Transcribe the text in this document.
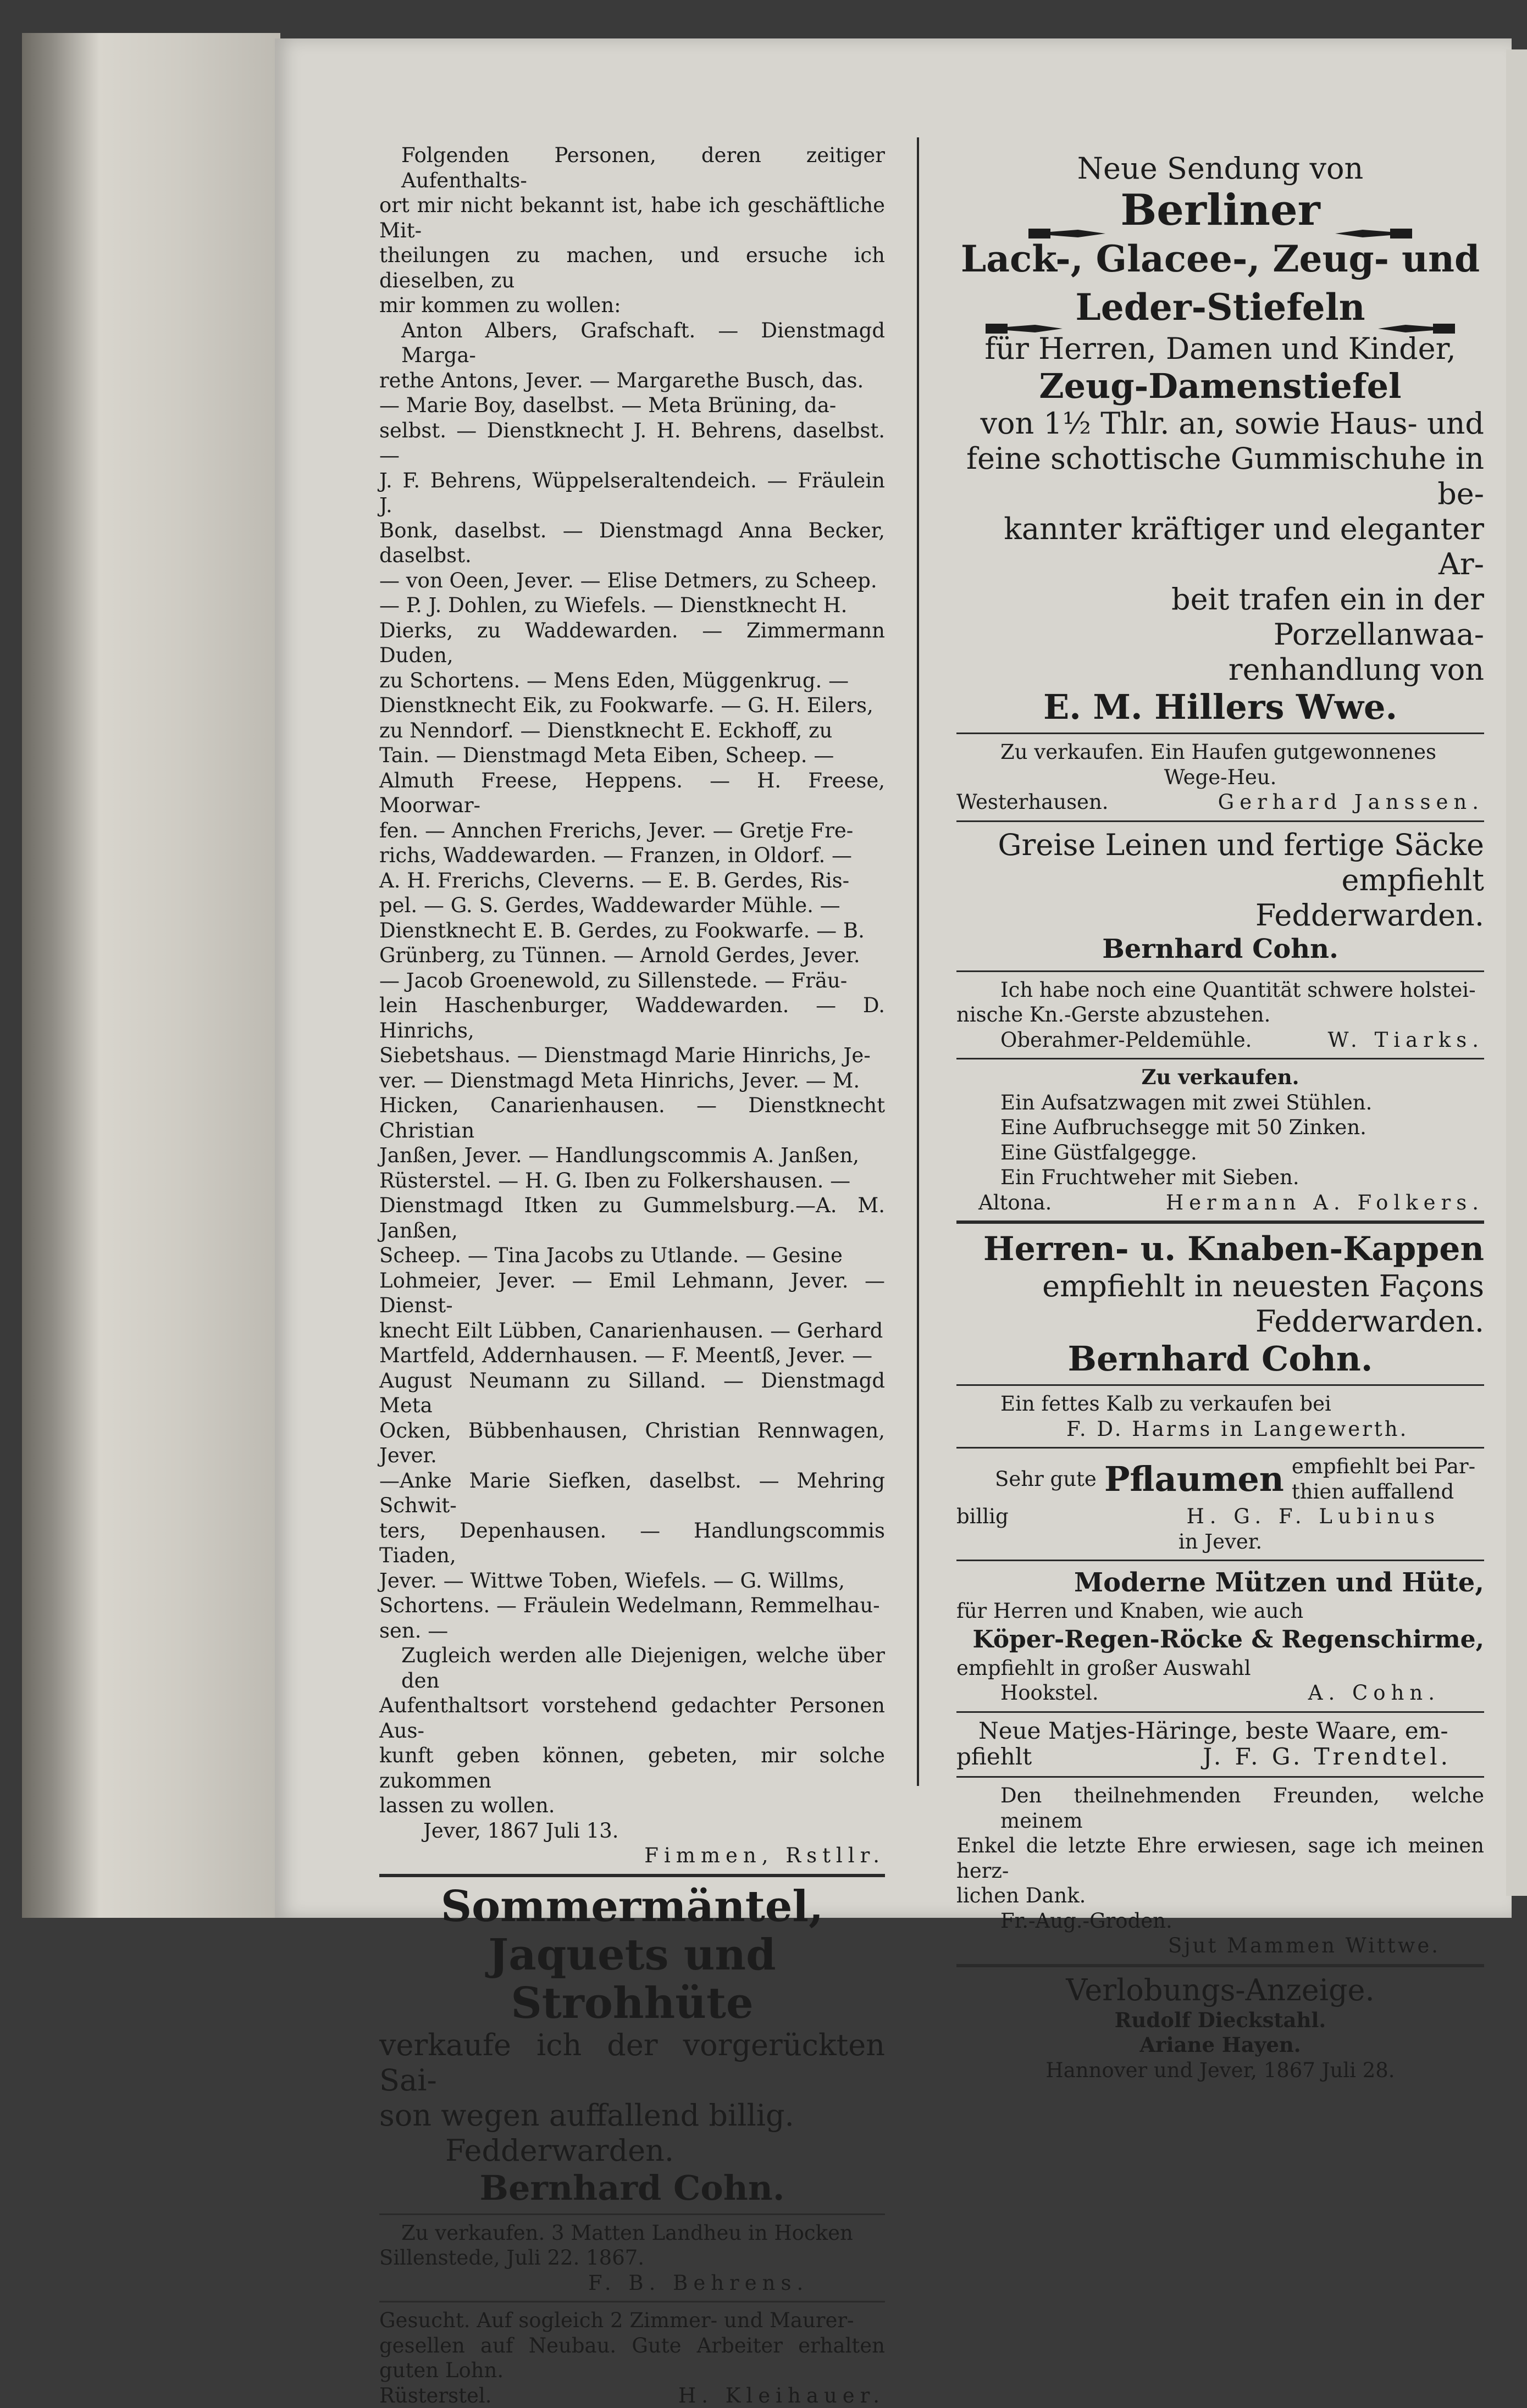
Folgenden Personen, deren zeitiger Aufenthalts-

ort mir nicht bekannt ist, habe ich geschäftliche Mit-

theilungen zu machen, und ersuche ich dieselben, zu

mir kommen zu wollen:

Anton Albers, Grafschaft. — Dienstmagd Marga-

rethe Antons, Jever. — Margarethe Busch, das.

— Marie Boy, daselbst. — Meta Brüning, da-

selbst. — Dienstknecht J. H. Behrens, daselbst. —

J. F. Behrens, Wüppelseraltendeich. — Fräulein J.

Bonk, daselbst. — Dienstmagd Anna Becker, daselbst.

— von Oeen, Jever. — Elise Detmers, zu Scheep.

— P. J. Dohlen, zu Wiefels. — Dienstknecht H.

Dierks, zu Waddewarden. — Zimmermann Duden,

zu Schortens. — Mens Eden, Müggenkrug. —

Dienstknecht Eik, zu Fookwarfe. — G. H. Eilers,

zu Nenndorf. — Dienstknecht E. Eckhoff, zu

Tain. — Dienstmagd Meta Eiben, Scheep. —

Almuth Freese, Heppens. — H. Freese, Moorwar-

fen. — Annchen Frerichs, Jever. — Gretje Fre-

richs, Waddewarden. — Franzen, in Oldorf. —

A. H. Frerichs, Cleverns. — E. B. Gerdes, Ris-

pel. — G. S. Gerdes, Waddewarder Mühle. —

Dienstknecht E. B. Gerdes, zu Fookwarfe. — B.

Grünberg, zu Tünnen. — Arnold Gerdes, Jever.

— Jacob Groenewold, zu Sillenstede. — Fräu-

lein Haschenburger, Waddewarden. — D. Hinrichs,

Siebetshaus. — Dienstmagd Marie Hinrichs, Je-

ver. — Dienstmagd Meta Hinrichs, Jever. — M.

Hicken, Canarienhausen. — Dienstknecht Christian

Janßen, Jever. — Handlungscommis A. Janßen,

Rüsterstel. — H. G. Iben zu Folkershausen. —

Dienstmagd Itken zu Gummelsburg.—A. M. Janßen,

Scheep. — Tina Jacobs zu Utlande. — Gesine

Lohmeier, Jever. — Emil Lehmann, Jever. — Dienst-

knecht Eilt Lübben, Canarienhausen. — Gerhard

Martfeld, Addernhausen. — F. Meentß, Jever. —

August Neumann zu Silland. — Dienstmagd Meta

Ocken, Bübbenhausen, Christian Rennwagen, Jever.

—Anke Marie Siefken, daselbst. — Mehring Schwit-

ters, Depenhausen. — Handlungscommis Tiaden,

Jever. — Wittwe Toben, Wiefels. — G. Willms,

Schortens. — Fräulein Wedelmann, Remmelhau-

sen. —

Zugleich werden alle Diejenigen, welche über den

Aufenthaltsort vorstehend gedachter Personen Aus-

kunft geben können, gebeten, mir solche zukommen

lassen zu wollen.

Jever, 1867 Juli 13.

Fimmen, Rstllr.

Sommermäntel,

Jaquets und Strohhüte

verkaufe ich der vorgerückten Sai-

son wegen auffallend billig.

Fedderwarden.

Bernhard Cohn.

Zu verkaufen. 3 Matten Landheu in Hocken

Sillenstede, Juli 22. 1867.

F. B. Behrens.

Gesucht. Auf sogleich 2 Zimmer- und Maurer-

gesellen auf Neubau. Gute Arbeiter erhalten guten Lohn.

Rüsterstel.	H. Kleihauer.

Neue Sendung von

Berliner

Lack-, Glacee-, Zeug- und

Leder-Stiefeln

für Herren, Damen und Kinder,

Zeug-Damenstiefel

von 1½ Thlr. an, sowie Haus- und

feine schottische Gummischuhe in be-

kannter kräftiger und eleganter Ar-

beit trafen ein in der Porzellanwaa-

renhandlung von

E. M. Hillers Wwe.

Zu verkaufen. Ein Haufen gutgewonnenes

Wege-Heu.

Westerhausen.	Gerhard Janssen.

Greise Leinen und fertige Säcke

empfiehlt

Fedderwarden.

Bernhard Cohn.

Ich habe noch eine Quantität schwere holstei-

nische Kn.-Gerste abzustehen.

Oberahmer-Peldemühle.	W. Tiarks.

Zu verkaufen.

Ein Aufsatzwagen mit zwei Stühlen.

Eine Aufbruchsegge mit 50 Zinken.

Eine Güstfalgegge.

Ein Fruchtweher mit Sieben.

Altona.	Hermann A. Folkers.

Herren- u. Knaben-Kappen

empfiehlt in neuesten Façons

Fedderwarden.

Bernhard Cohn.

Ein fettes Kalb zu verkaufen bei

F. D. Harms in Langewerth.

Sehr gute Pflaumen empfiehlt bei Par-
thien auffallend
billig	H. G. F. Lubinus

in Jever.

Moderne Mützen und Hüte,

für Herren und Knaben, wie auch

Köper-Regen-Röcke & Regenschirme,

empfiehlt in großer Auswahl

Hookstel.	A. Cohn.

Neue Matjes-Häringe, beste Waare, em-

pfiehlt	J. F. G. Trendtel.

Den theilnehmenden Freunden, welche meinem

Enkel die letzte Ehre erwiesen, sage ich meinen herz-

lichen Dank.

Fr.-Aug.-Groden.

Sjut Mammen Wittwe.

Verlobungs-Anzeige.

Rudolf Dieckstahl.

Ariane Hayen.

Hannover und Jever, 1867 Juli 28.
